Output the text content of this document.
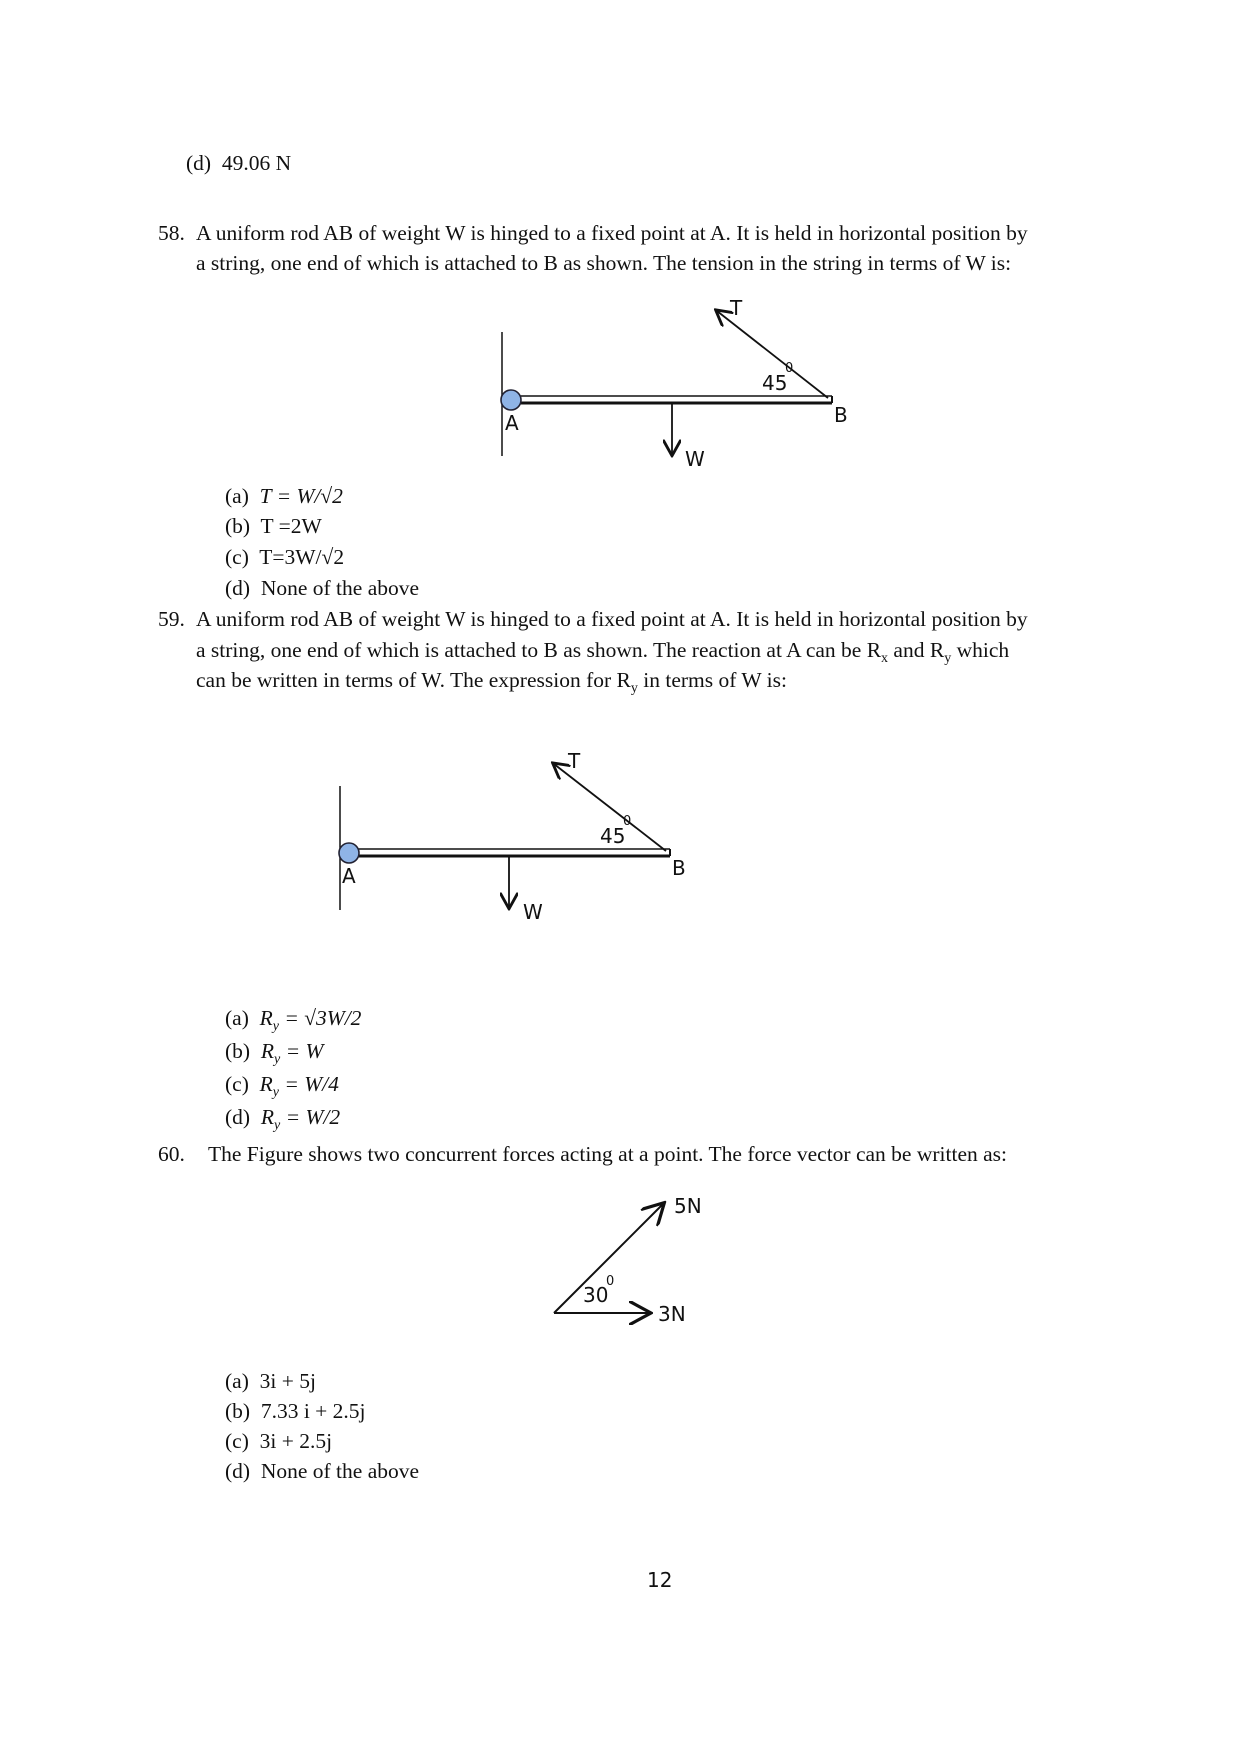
(d) 49.06 N
58. A uniform rod AB of weight W is hinged to a fixed point at A. It is held in horizontal position by
a string, one end of which is attached to B as shown. The tension in the string in terms of W is:
T
A	B
W
45
0
(a) T = W/√2
(b) T =2W
(c) T=3W/√2
(d) None of the above
59. A uniform rod AB of weight W is hinged to a fixed point at A. It is held in horizontal position by
a string, one end of which is attached to B as shown. The reaction at A can be $R_x$ and $R_y$ which
can be written in terms of W. The expression for $R_y$ in terms of W is:
T
A	B
W
45
0
(a) $R_y = √3W/2$
(b) $R_y = W$
(c) $R_y = W/4$
(d) $R_y = W/2$
60. The Figure shows two concurrent forces acting at a point. The force vector can be written as:
5N
3N
30
0
(a) 3i + 5j
(b) 7.33 i + 2.5j
(c) 3i + 2.5j
(d) None of the above
12
